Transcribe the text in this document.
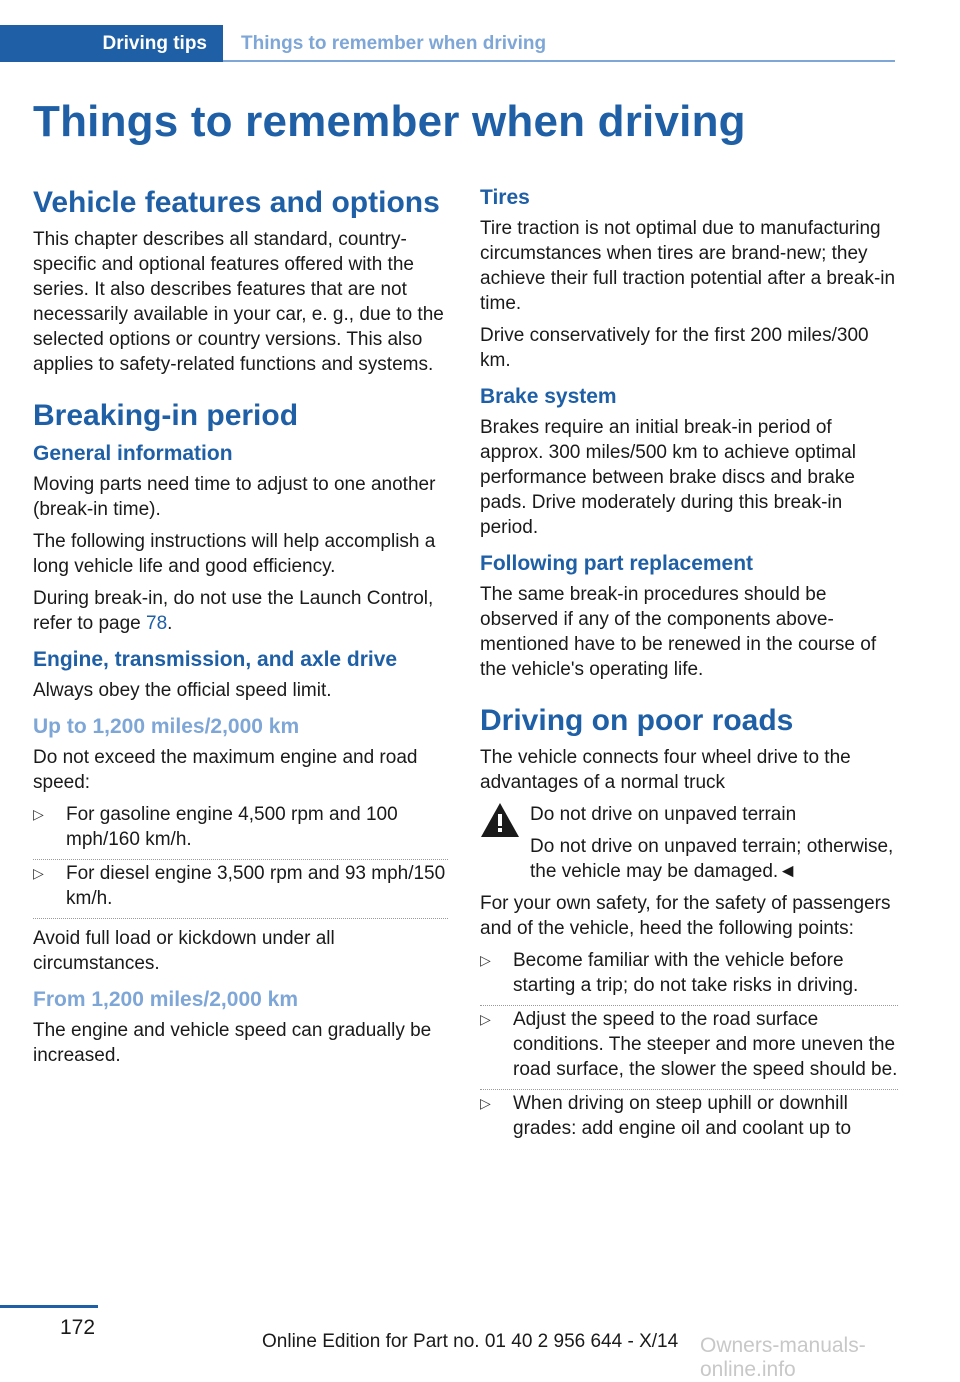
Driving tips Things to remember when driving
Things to remember when driving
Vehicle features and options

This chapter describes all standard, country-specific and optional features offered with the series. It also describes features that are not necessarily available in your car, e. g., due to the selected options or country versions. This also applies to safety-related functions and systems.

Breaking-in period
General information

Moving parts need time to adjust to one another (break-in time).

The following instructions will help accomplish a long vehicle life and good efficiency.

During break-in, do not use the Launch Control, refer to page 78.

Engine, transmission, and axle drive

Always obey the official speed limit.

Up to 1,200 miles/2,000 km

Do not exceed the maximum engine and road speed:

▷ For gasoline engine 4,500 rpm and 100 mph/160 km/h.
▷ For diesel engine 3,500 rpm and 93 mph/150 km/h.

Avoid full load or kickdown under all circumstances.

From 1,200 miles/2,000 km

The engine and vehicle speed can gradually be increased.

Tires

Tire traction is not optimal due to manufacturing circumstances when tires are brand-new; they achieve their full traction potential after a break-in time.

Drive conservatively for the first 200 miles/300 km.

Brake system

Brakes require an initial break-in period of approx. 300 miles/500 km to achieve optimal performance between brake discs and brake pads. Drive moderately during this break-in period.

Following part replacement

The same break-in procedures should be observed if any of the components above-mentioned have to be renewed in the course of the vehicle's operating life.

Driving on poor roads

The vehicle connects four wheel drive to the advantages of a normal truck

Do not drive on unpaved terrain

Do not drive on unpaved terrain; otherwise, the vehicle may be damaged.◄

For your own safety, for the safety of passengers and of the vehicle, heed the following points:

▷ Become familiar with the vehicle before starting a trip; do not take risks in driving.
▷ Adjust the speed to the road surface conditions. The steeper and more uneven the road surface, the slower the speed should be.
▷ When driving on steep uphill or downhill grades: add engine oil and coolant up to
172
Online Edition for Part no. 01 40 2 956 644 - X/14 Owners-manuals-online.info
